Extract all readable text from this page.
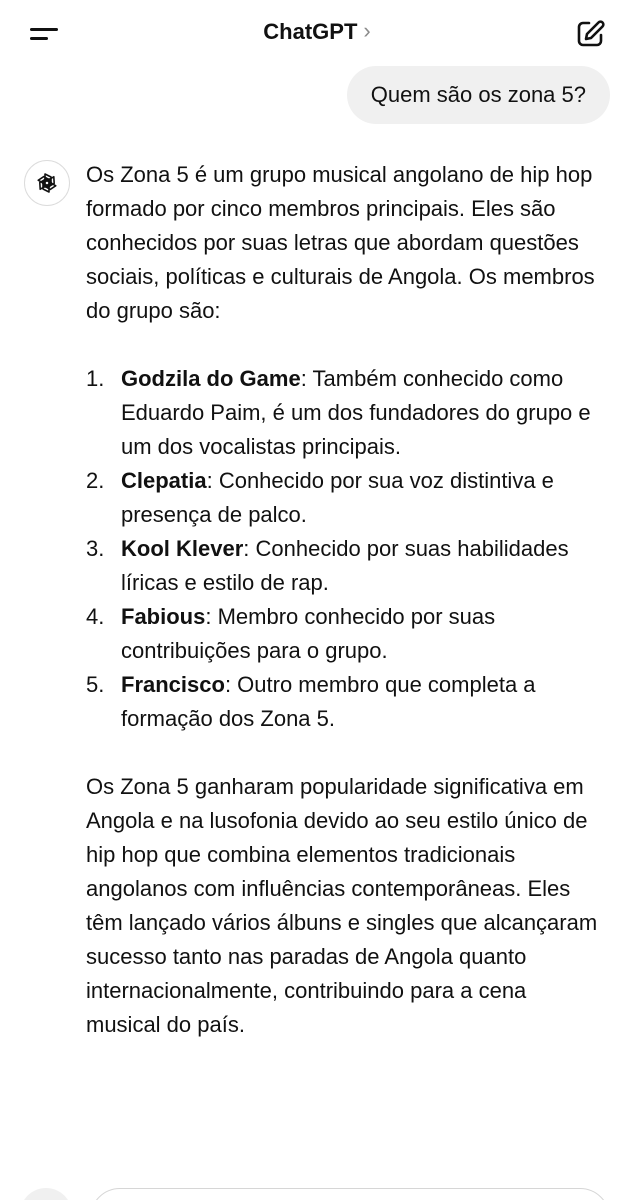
ChatGPT ›
Quem são os zona 5?

Os Zona 5 é um grupo musical angolano de hip hop formado por cinco membros principais. Eles são conhecidos por suas letras que abordam questões sociais, políticas e culturais de Angola. Os membros do grupo são:

1. Godzila do Game: Também conhecido como Eduardo Paim, é um dos fundadores do grupo e um dos vocalistas principais.
2. Clepatia: Conhecido por sua voz distintiva e presença de palco.
3. Kool Klever: Conhecido por suas habilidades líricas e estilo de rap.
4. Fabious: Membro conhecido por suas contribuições para o grupo.
5. Francisco: Outro membro que completa a formação dos Zona 5.

Os Zona 5 ganharam popularidade significativa em Angola e na lusofonia devido ao seu estilo único de hip hop que combina elementos tradicionais angolanos com influências contemporâneas. Eles têm lançado vários álbuns e singles que alcançaram sucesso tanto nas paradas de Angola quanto internacionalmente, contribuindo para a cena musical do país.
